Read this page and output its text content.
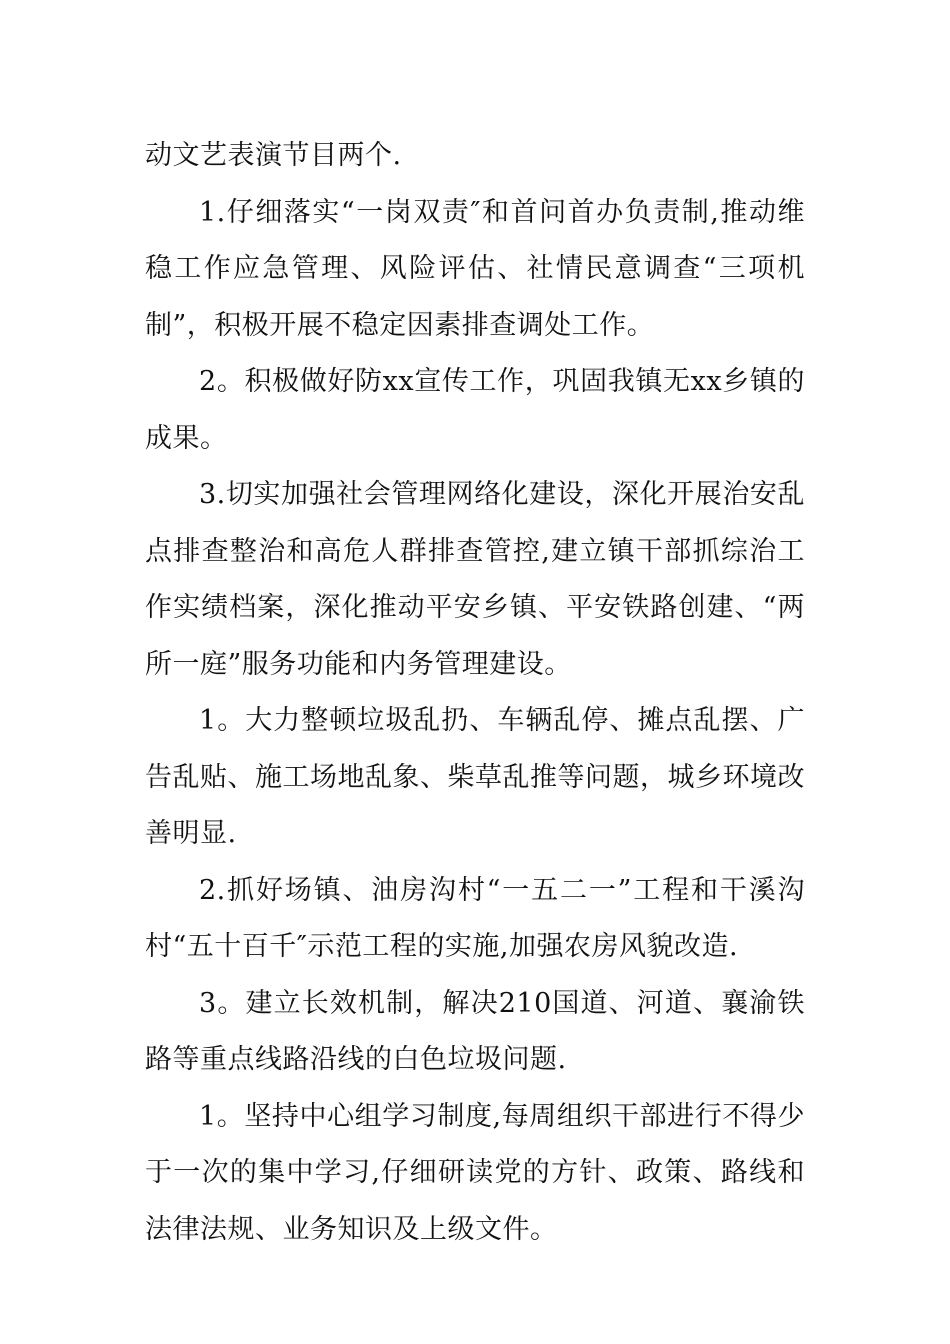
动文艺表演节目两个.

1.仔细落实“一岗双责″和首问首办负责制,推动维稳工作应急管理、风险评估、社情民意调查“三项机制”，积极开展不稳定因素排查调处工作。

2。积极做好防xx宣传工作，巩固我镇无xx乡镇的成果。

3.切实加强社会管理网络化建设，深化开展治安乱点排查整治和高危人群排查管控,建立镇干部抓综治工作实绩档案，深化推动平安乡镇、平安铁路创建、“两所一庭”服务功能和内务管理建设。

1。大力整顿垃圾乱扔、车辆乱停、摊点乱摆、广告乱贴、施工场地乱象、柴草乱推等问题，城乡环境改善明显.

2.抓好场镇、油房沟村“一五二一”工程和干溪沟村“五十百千″示范工程的实施,加强农房风貌改造.

3。建立长效机制，解决210国道、河道、襄渝铁路等重点线路沿线的白色垃圾问题.

1。坚持中心组学习制度,每周组织干部进行不得少于一次的集中学习,仔细研读党的方针、政策、路线和法律法规、业务知识及上级文件。
